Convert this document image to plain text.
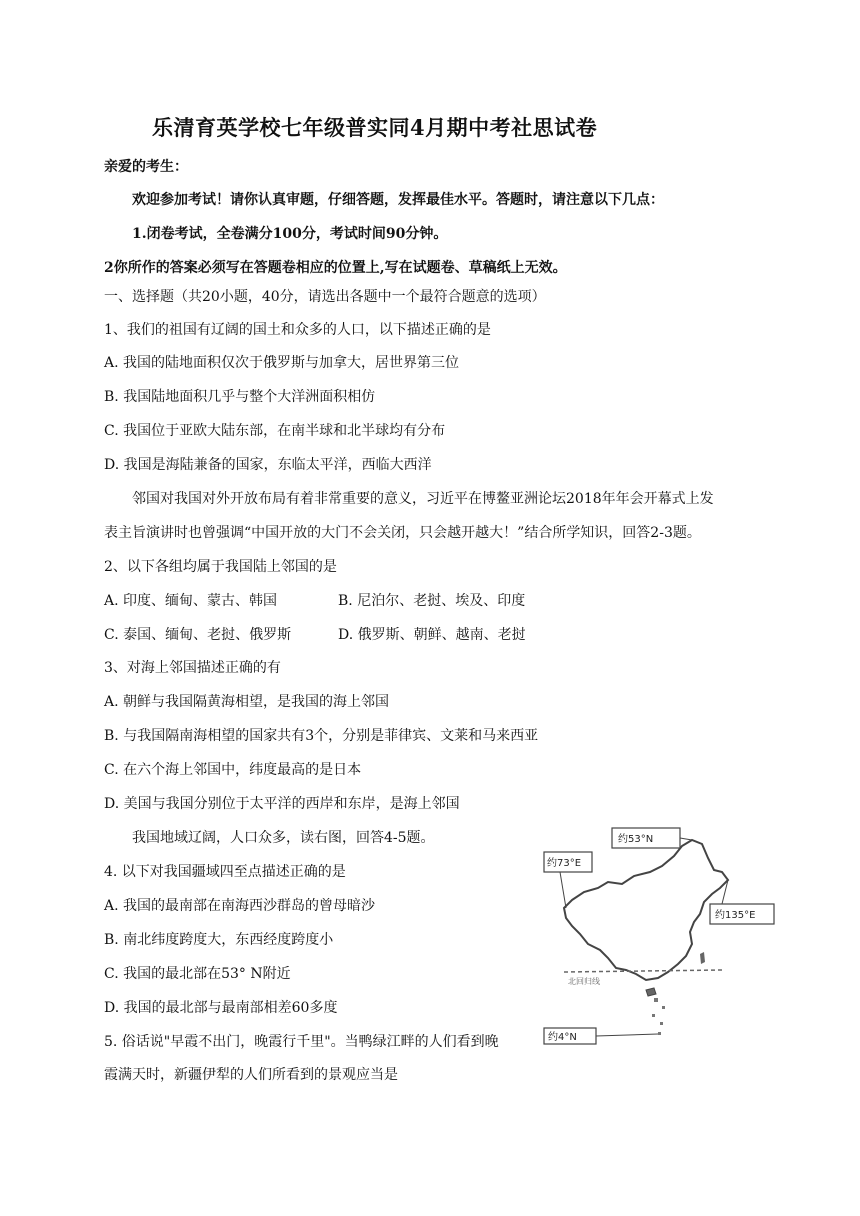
乐清育英学校七年级普实同4月期中考社思试卷
亲爱的考生：
欢迎参加考试！请你认真审题，仔细答题，发挥最佳水平。答题时，请注意以下几点：
1.闭卷考试，全卷满分100分，考试时间90分钟。
2你所作的答案必须写在答题卷相应的位置上,写在试题卷、草稿纸上无效。
一、选择题（共20小题，40分，请选出各题中一个最符合题意的选项）
1、我们的祖国有辽阔的国土和众多的人口，以下描述正确的是
A. 我国的陆地面积仅次于俄罗斯与加拿大，居世界第三位
B. 我国陆地面积几乎与整个大洋洲面积相仿
C. 我国位于亚欧大陆东部，在南半球和北半球均有分布
D. 我国是海陆兼备的国家，东临太平洋，西临大西洋
邻国对我国对外开放布局有着非常重要的意义，习近平在博鳌亚洲论坛2018年年会开幕式上发
表主旨演讲时也曾强调“中国开放的大门不会关闭，只会越开越大！”结合所学知识，回答2-3题。
2、以下各组均属于我国陆上邻国的是
A. 印度、缅甸、蒙古、韩国	B. 尼泊尔、老挝、埃及、印度
C. 泰国、缅甸、老挝、俄罗斯	D. 俄罗斯、朝鲜、越南、老挝
3、对海上邻国描述正确的有
A. 朝鲜与我国隔黄海相望，是我国的海上邻国
B. 与我国隔南海相望的国家共有3个，分别是菲律宾、文莱和马来西亚
C. 在六个海上邻国中，纬度最高的是日本
D. 美国与我国分别位于太平洋的西岸和东岸，是海上邻国
我国地域辽阔，人口众多，读右图，回答4-5题。
4. 以下对我国疆域四至点描述正确的是
A. 我国的最南部在南海西沙群岛的曾母暗沙
B. 南北纬度跨度大，东西经度跨度小
C. 我国的最北部在53° N附近
D. 我国的最北部与最南部相差60多度
5. 俗话说"早霞不出门，晚霞行千里"。当鸭绿江畔的人们看到晚
霞满天时，新疆伊犁的人们所看到的景观应当是
北回归线
约53°N
约73°E
约135°E
约4°N
